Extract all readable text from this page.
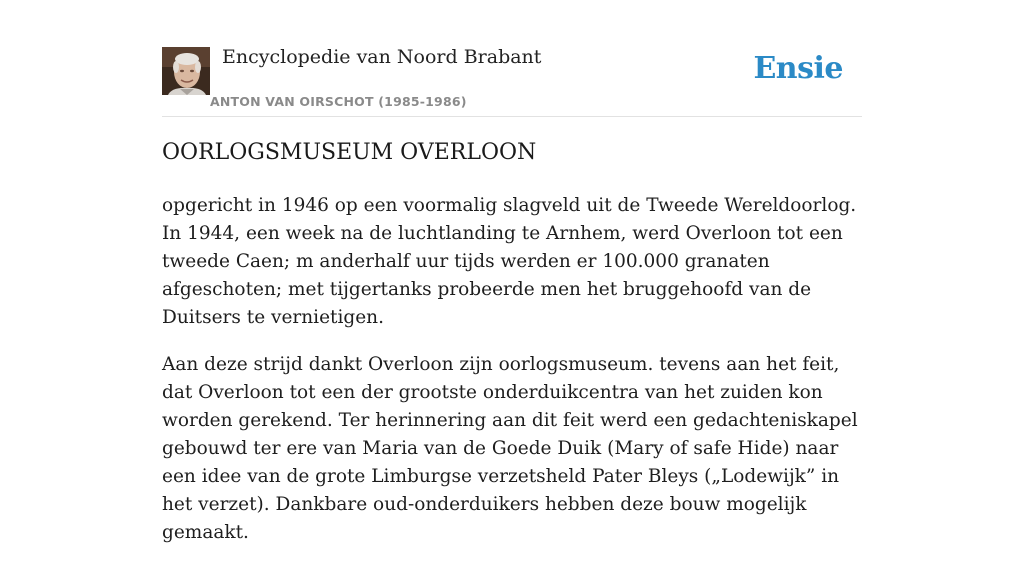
Encyclopedie van Noord Brabant
ANTON VAN OIRSCHOT (1985-1986)
Ensie
OORLOGSMUSEUM OVERLOON

opgericht in 1946 op een voormalig slagveld uit de Tweede Wereldoorlog. In 1944, een week na de luchtlanding te Arnhem, werd Overloon tot een tweede Caen; m anderhalf uur tijds werden er 100.000 granaten afgeschoten; met tijgertanks probeerde men het bruggehoofd van de Duitsers te vernietigen.

Aan deze strijd dankt Overloon zijn oorlogsmuseum. tevens aan het feit, dat Overloon tot een der grootste onderduikcentra van het zuiden kon worden gerekend. Ter herinnering aan dit feit werd een gedachteniskapel gebouwd ter ere van Maria van de Goede Duik (Mary of safe Hide) naar een idee van de grote Limburgse verzetsheld Pater Bleys („Lodewijk” in het verzet). Dankbare oud-onderduikers hebben deze bouw mogelijk gemaakt.
